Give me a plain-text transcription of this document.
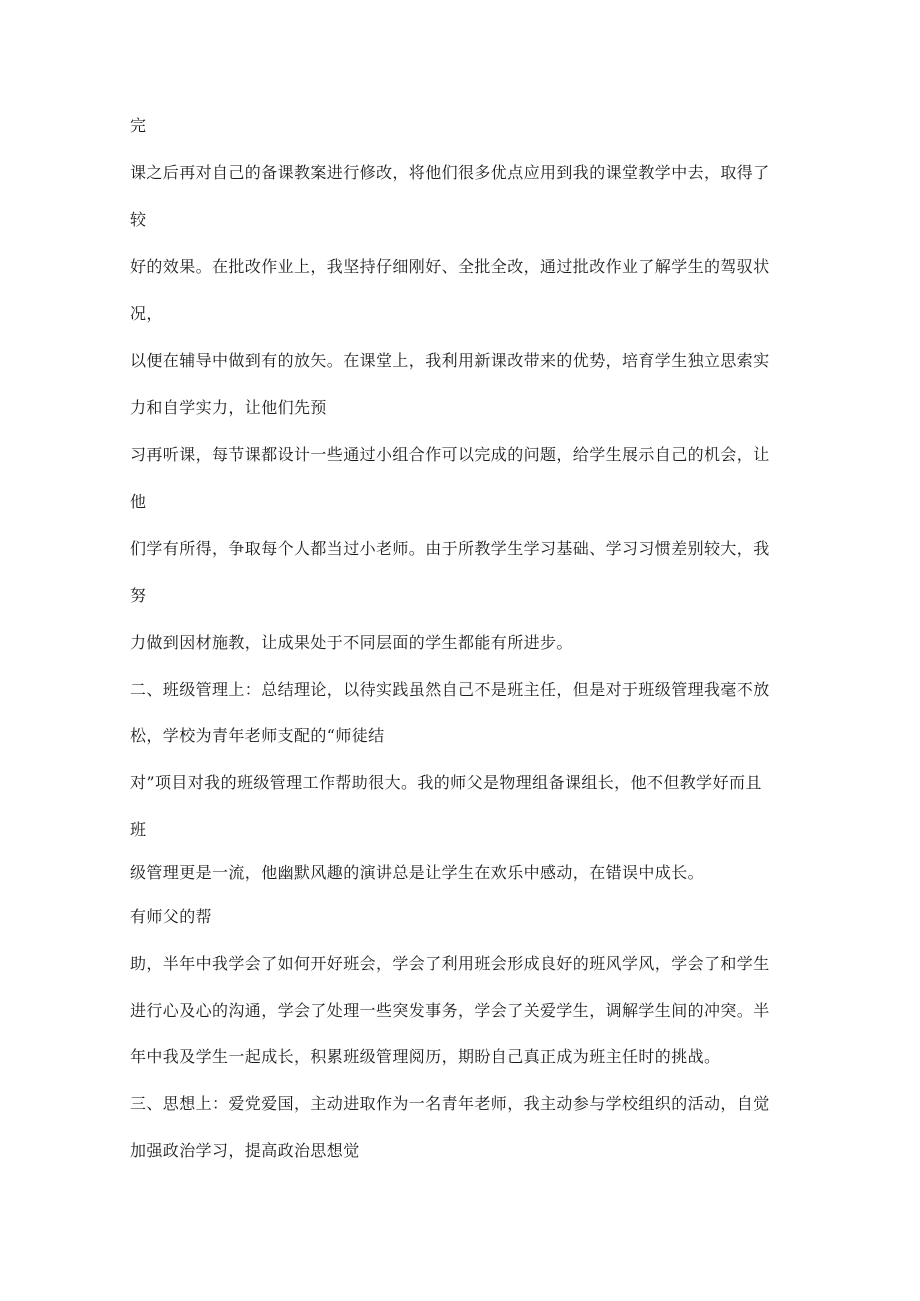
完
课之后再对自己的备课教案进行修改，将他们很多优点应用到我的课堂教学中去，取得了
较
好的效果。在批改作业上，我坚持仔细刚好、全批全改，通过批改作业了解学生的驾驭状
况，
以便在辅导中做到有的放矢。在课堂上，我利用新课改带来的优势，培育学生独立思索实
力和自学实力，让他们先预
习再听课，每节课都设计一些通过小组合作可以完成的问题，给学生展示自己的机会，让
他
们学有所得，争取每个人都当过小老师。由于所教学生学习基础、学习习惯差别较大，我
努
力做到因材施教，让成果处于不同层面的学生都能有所进步。
二、班级管理上：总结理论，以待实践虽然自己不是班主任，但是对于班级管理我毫不放
松，学校为青年老师支配的“师徒结
对”项目对我的班级管理工作帮助很大。我的师父是物理组备课组长，他不但教学好而且
班
级管理更是一流，他幽默风趣的演讲总是让学生在欢乐中感动，在错误中成长。
有师父的帮
助，半年中我学会了如何开好班会，学会了利用班会形成良好的班风学风，学会了和学生
进行心及心的沟通，学会了处理一些突发事务，学会了关爱学生，调解学生间的冲突。半
年中我及学生一起成长，积累班级管理阅历，期盼自己真正成为班主任时的挑战。
三、思想上：爱党爱国，主动进取作为一名青年老师，我主动参与学校组织的活动，自觉
加强政治学习，提高政治思想觉
